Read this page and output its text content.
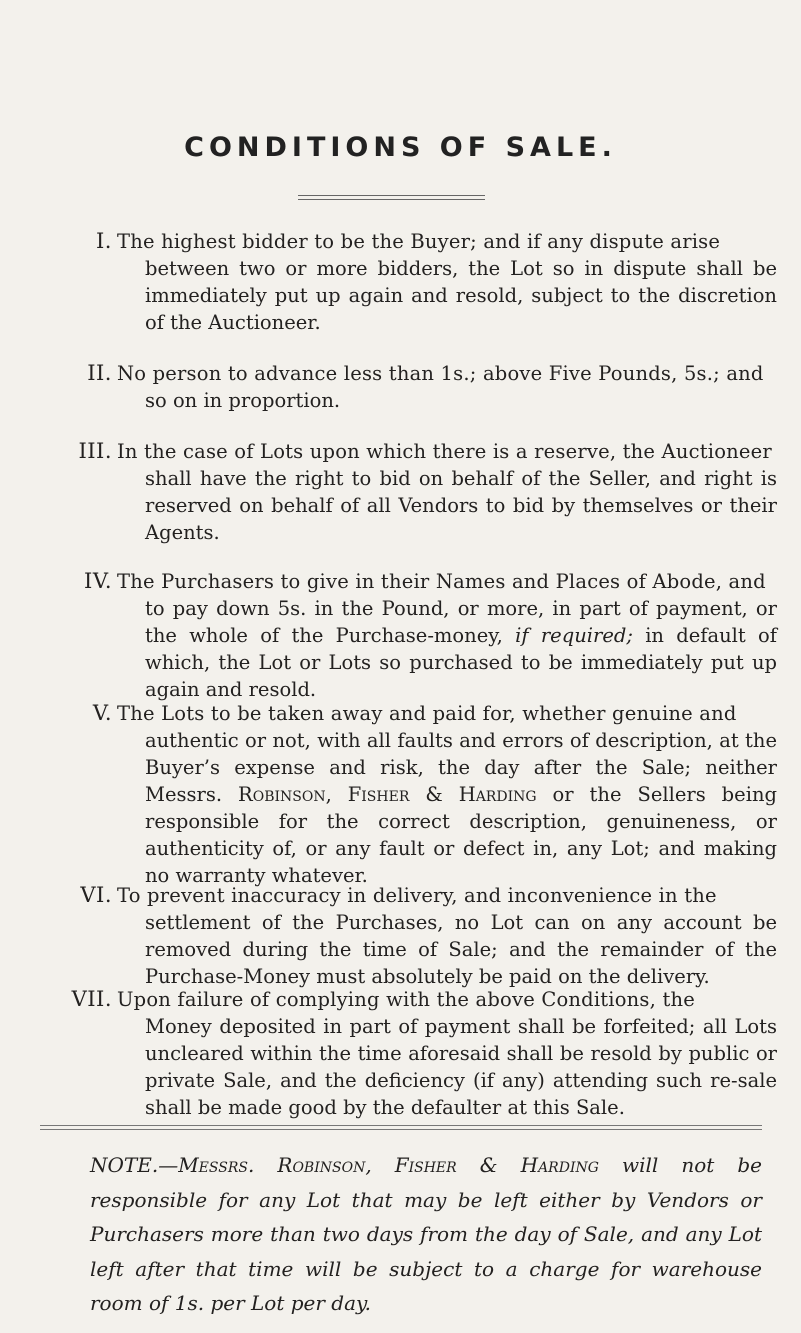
CONDITIONS OF SALE.
I. The highest bidder to be the Buyer; and if any dispute arise
between two or more bidders, the Lot so in dispute shall be immediately put up again and resold, subject to the discretion of the Auctioneer.
II. No person to advance less than 1s.; above Five Pounds, 5s.; and
so on in proportion.
III. In the case of Lots upon which there is a reserve, the Auctioneer
shall have the right to bid on behalf of the Seller, and right is reserved on behalf of all Vendors to bid by themselves or their Agents.
IV. The Purchasers to give in their Names and Places of Abode, and
to pay down 5s. in the Pound, or more, in part of payment, or the whole of the Purchase-money, if required; in default of which, the Lot or Lots so purchased to be immediately put up again and resold.
V. The Lots to be taken away and paid for, whether genuine and
authentic or not, with all faults and errors of description, at the Buyer’s expense and risk, the day after the Sale; neither Messrs. Robinson, Fisher & Harding or the Sellers being responsible for the correct description, genuineness, or authenticity of, or any fault or defect in, any Lot; and making no warranty whatever.
VI. To prevent inaccuracy in delivery, and inconvenience in the
settlement of the Purchases, no Lot can on any account be removed during the time of Sale; and the remainder of the Purchase-Money must absolutely be paid on the delivery.
NOTE.—Messrs. Robinson, Fisher & Harding will not be responsible for any Lot that may be left either by Vendors or Purchasers more than two days from the day of Sale, and any Lot left after that time will be subject to a charge for warehouse room of 1s. per Lot per day.
VII. Upon failure of complying with the above Conditions, the
Money deposited in part of payment shall be forfeited; all Lots uncleared within the time aforesaid shall be resold by public or private Sale, and the deficiency (if any) attending such re-sale shall be made good by the defaulter at this Sale.
